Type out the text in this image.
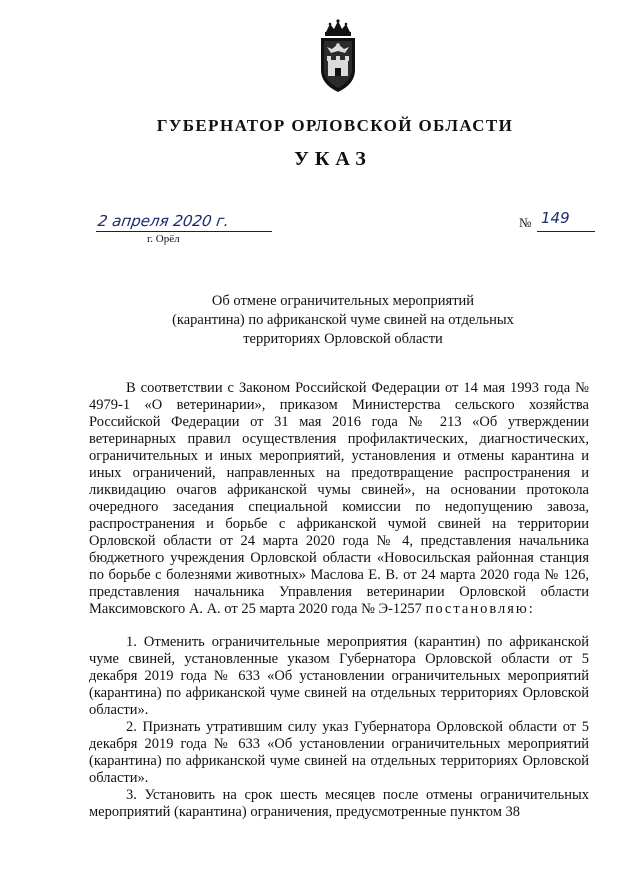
ГУБЕРНАТОР ОРЛОВСКОЙ ОБЛАСТИ
УКАЗ
2 апреля 2020 г.
г. Орёл
№ 149
Об отмене ограничительных мероприятий
(карантина) по африканской чуме свиней на отдельных
территориях Орловской области

В соответствии с Законом Российской Федерации от 14 мая 1993 года № 4979-1 «О ветеринарии», приказом Министерства сельского хозяйства Российской Федерации от 31 мая 2016 года № 213 «Об утверждении ветеринарных правил осуществления профилактических, диагностических, ограничительных и иных мероприятий, установления и отмены карантина и иных ограничений, направленных на предотвращение распространения и ликвидацию очагов африканской чумы свиней», на основании протокола очередного заседания специальной комиссии по недопущению завоза, распространения и борьбе с африканской чумой свиней на территории Орловской области от 24 марта 2020 года № 4, представления начальника бюджетного учреждения Орловской области «Новосильская районная станция по борьбе с болезнями животных» Маслова Е. В. от 24 марта 2020 года № 126, представления начальника Управления ветеринарии Орловской области Максимовского А. А. от 25 марта 2020 года № Э-1257 постановляю:

1. Отменить ограничительные мероприятия (карантин) по африканской чуме свиней, установленные указом Губернатора Орловской области от 5 декабря 2019 года № 633 «Об установлении ограничительных мероприятий (карантина) по африканской чуме свиней на отдельных территориях Орловской области».

2. Признать утратившим силу указ Губернатора Орловской области от 5 декабря 2019 года № 633 «Об установлении ограничительных мероприятий (карантина) по африканской чуме свиней на отдельных территориях Орловской области».

3. Установить на срок шесть месяцев после отмены ограничительных мероприятий (карантина) ограничения, предусмотренные пунктом 38
